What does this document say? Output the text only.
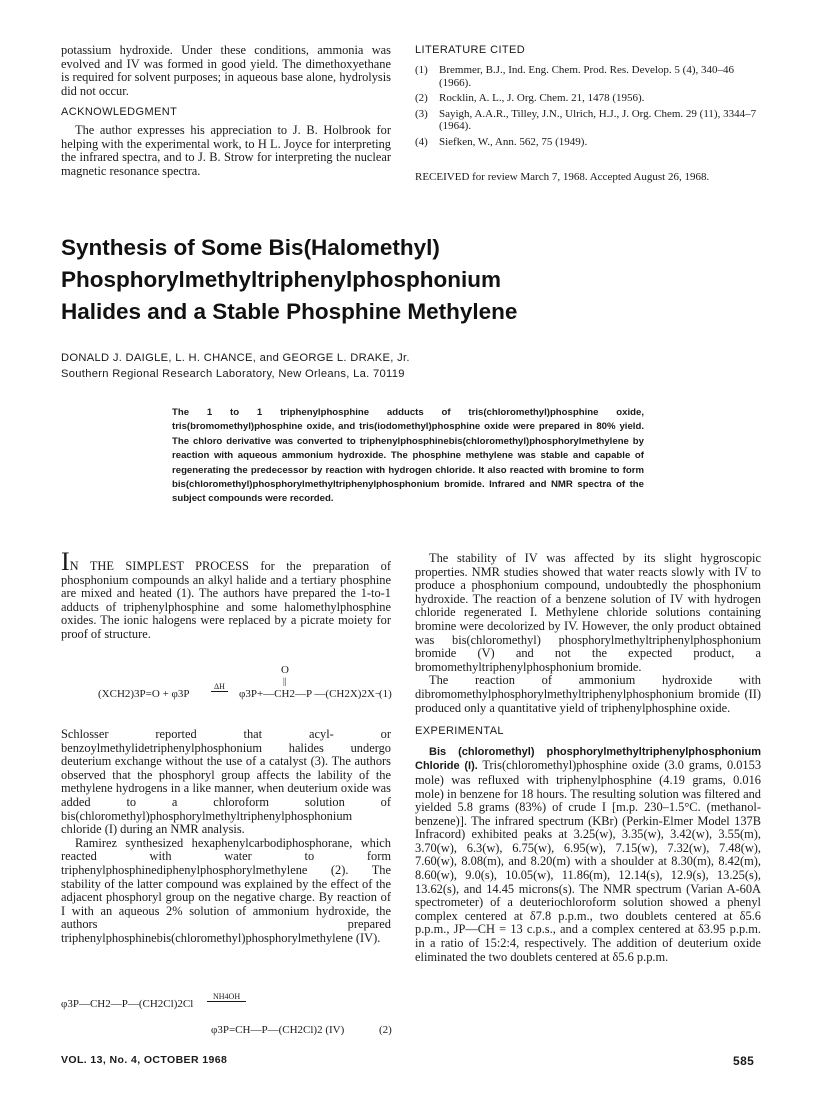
potassium hydroxide. Under these conditions, ammonia was evolved and IV was formed in good yield. The dimethoxyethane is required for solvent purposes; in aqueous base alone, hydrolysis did not occur.

ACKNOWLEDGMENT

The author expresses his appreciation to J. B. Holbrook for helping with the experimental work, to H L. Joyce for interpreting the infrared spectra, and to J. B. Strow for interpreting the nuclear magnetic resonance spectra.

LITERATURE CITED

(1)	Bremmer, B.J., Ind. Eng. Chem. Prod. Res. Develop. 5 (4), 340–46 (1966).
(2)	Rocklin, A. L., J. Org. Chem. 21, 1478 (1956).
(3)	Sayigh, A.A.R., Tilley, J.N., Ulrich, H.J., J. Org. Chem. 29 (11), 3344–7 (1964).
(4)	Siefken, W., Ann. 562, 75 (1949).

RECEIVED for review March 7, 1968. Accepted August 26, 1968.

Synthesis of Some Bis(Halomethyl)
Phosphorylmethyltriphenylphosphonium
Halides and a Stable Phosphine Methylene
DONALD J. DAIGLE, L. H. CHANCE, and GEORGE L. DRAKE, Jr.
Southern Regional Research Laboratory, New Orleans, La. 70119
The 1 to 1 triphenylphosphine adducts of tris(chloromethyl)phosphine oxide, tris(bromomethyl)phosphine oxide, and tris(iodomethyl)phosphine oxide were prepared in 80% yield. The chloro derivative was converted to triphenylphosphinebis(chloromethyl)phosphorylmethylene by reaction with aqueous ammonium hydroxide. The phosphine methylene was stable and capable of regenerating the predecessor by reaction with hydrogen chloride. It also reacted with bromine to form bis(chloromethyl)phosphorylmethyltriphenylphosphonium bromide. Infrared and NMR spectra of the subject compounds were recorded.

IN THE SIMPLEST PROCESS for the preparation of phosphonium compounds an alkyl halide and a tertiary phosphine are mixed and heated (1). The authors have prepared the 1-to-1 adducts of triphenylphosphine and some halomethylphosphine oxides. The ionic halogens were replaced by a picrate moiety for proof of structure.

O
||
(XCH2)3P=O + φ3P
ΔH
φ3P+—CH2—P —(CH2X)2X−
(1)

Schlosser reported that acyl- or benzoylmethylidetriphenylphosphonium halides undergo deuterium exchange without the use of a catalyst (3). The authors observed that the phosphoryl group affects the lability of the methylene hydrogens in a like manner, when deuterium oxide was added to a chloroform solution of bis(chloromethyl)phosphorylmethyltriphenylphosphonium chloride (I) during an NMR analysis.

Ramirez synthesized hexaphenylcarbodiphosphorane, which reacted with water to form triphenylphosphinediphenylphosphorylmethylene (2). The stability of the latter compound was explained by the effect of the adjacent phosphoryl group on the negative charge. By reaction of I with an aqueous 2% solution of ammonium hydroxide, the authors prepared triphenylphosphinebis(chloromethyl)phosphorylmethylene (IV).

φ3P—CH2—P—(CH2Cl)2Cl
NH4OH
φ3P=CH—P—(CH2Cl)2 (IV)	(2)

The stability of IV was affected by its slight hygroscopic properties. NMR studies showed that water reacts slowly with IV to produce a phosphonium compound, undoubtedly the phosphonium hydroxide. The reaction of a benzene solution of IV with hydrogen chloride regenerated I. Methylene chloride solutions containing bromine were decolorized by IV. However, the only product obtained was bis(chloromethyl) phosphorylmethyltriphenylphosphonium bromide (V) and not the expected product, a bromomethyltriphenylphosphonium bromide.

The reaction of ammonium hydroxide with dibromomethylphosphorylmethyltriphenylphosphonium bromide (II) produced only a quantitative yield of triphenylphosphine oxide.

EXPERIMENTAL

Bis (chloromethyl) phosphorylmethyltriphenylphosphonium Chloride (I). Tris(chloromethyl)phosphine oxide (3.0 grams, 0.0153 mole) was refluxed with triphenylphosphine (4.19 grams, 0.016 mole) in benzene for 18 hours. The resulting solution was filtered and yielded 5.8 grams (83%) of crude I [m.p. 230–1.5°C. (methanol-benzene)]. The infrared spectrum (KBr) (Perkin-Elmer Model 137B Infracord) exhibited peaks at 3.25(w), 3.35(w), 3.42(w), 3.55(m), 3.70(w), 6.3(w), 6.75(w), 6.95(w), 7.15(w), 7.32(w), 7.48(w), 7.60(w), 8.08(m), and 8.20(m) with a shoulder at 8.30(m), 8.42(m), 8.60(w), 9.0(s), 10.05(w), 11.86(m), 12.14(s), 12.9(s), 13.25(s), 13.62(s), and 14.45 microns(s). The NMR spectrum (Varian A-60A spectrometer) of a deuteriochloroform solution showed a phenyl complex centered at δ7.8 p.p.m., two doublets centered at δ5.6 p.p.m., JP—CH = 13 c.p.s., and a complex centered at δ3.95 p.p.m. in a ratio of 15:2:4, respectively. The addition of deuterium oxide eliminated the two doublets centered at δ5.6 p.p.m.

VOL. 13, No. 4, OCTOBER 1968	585
